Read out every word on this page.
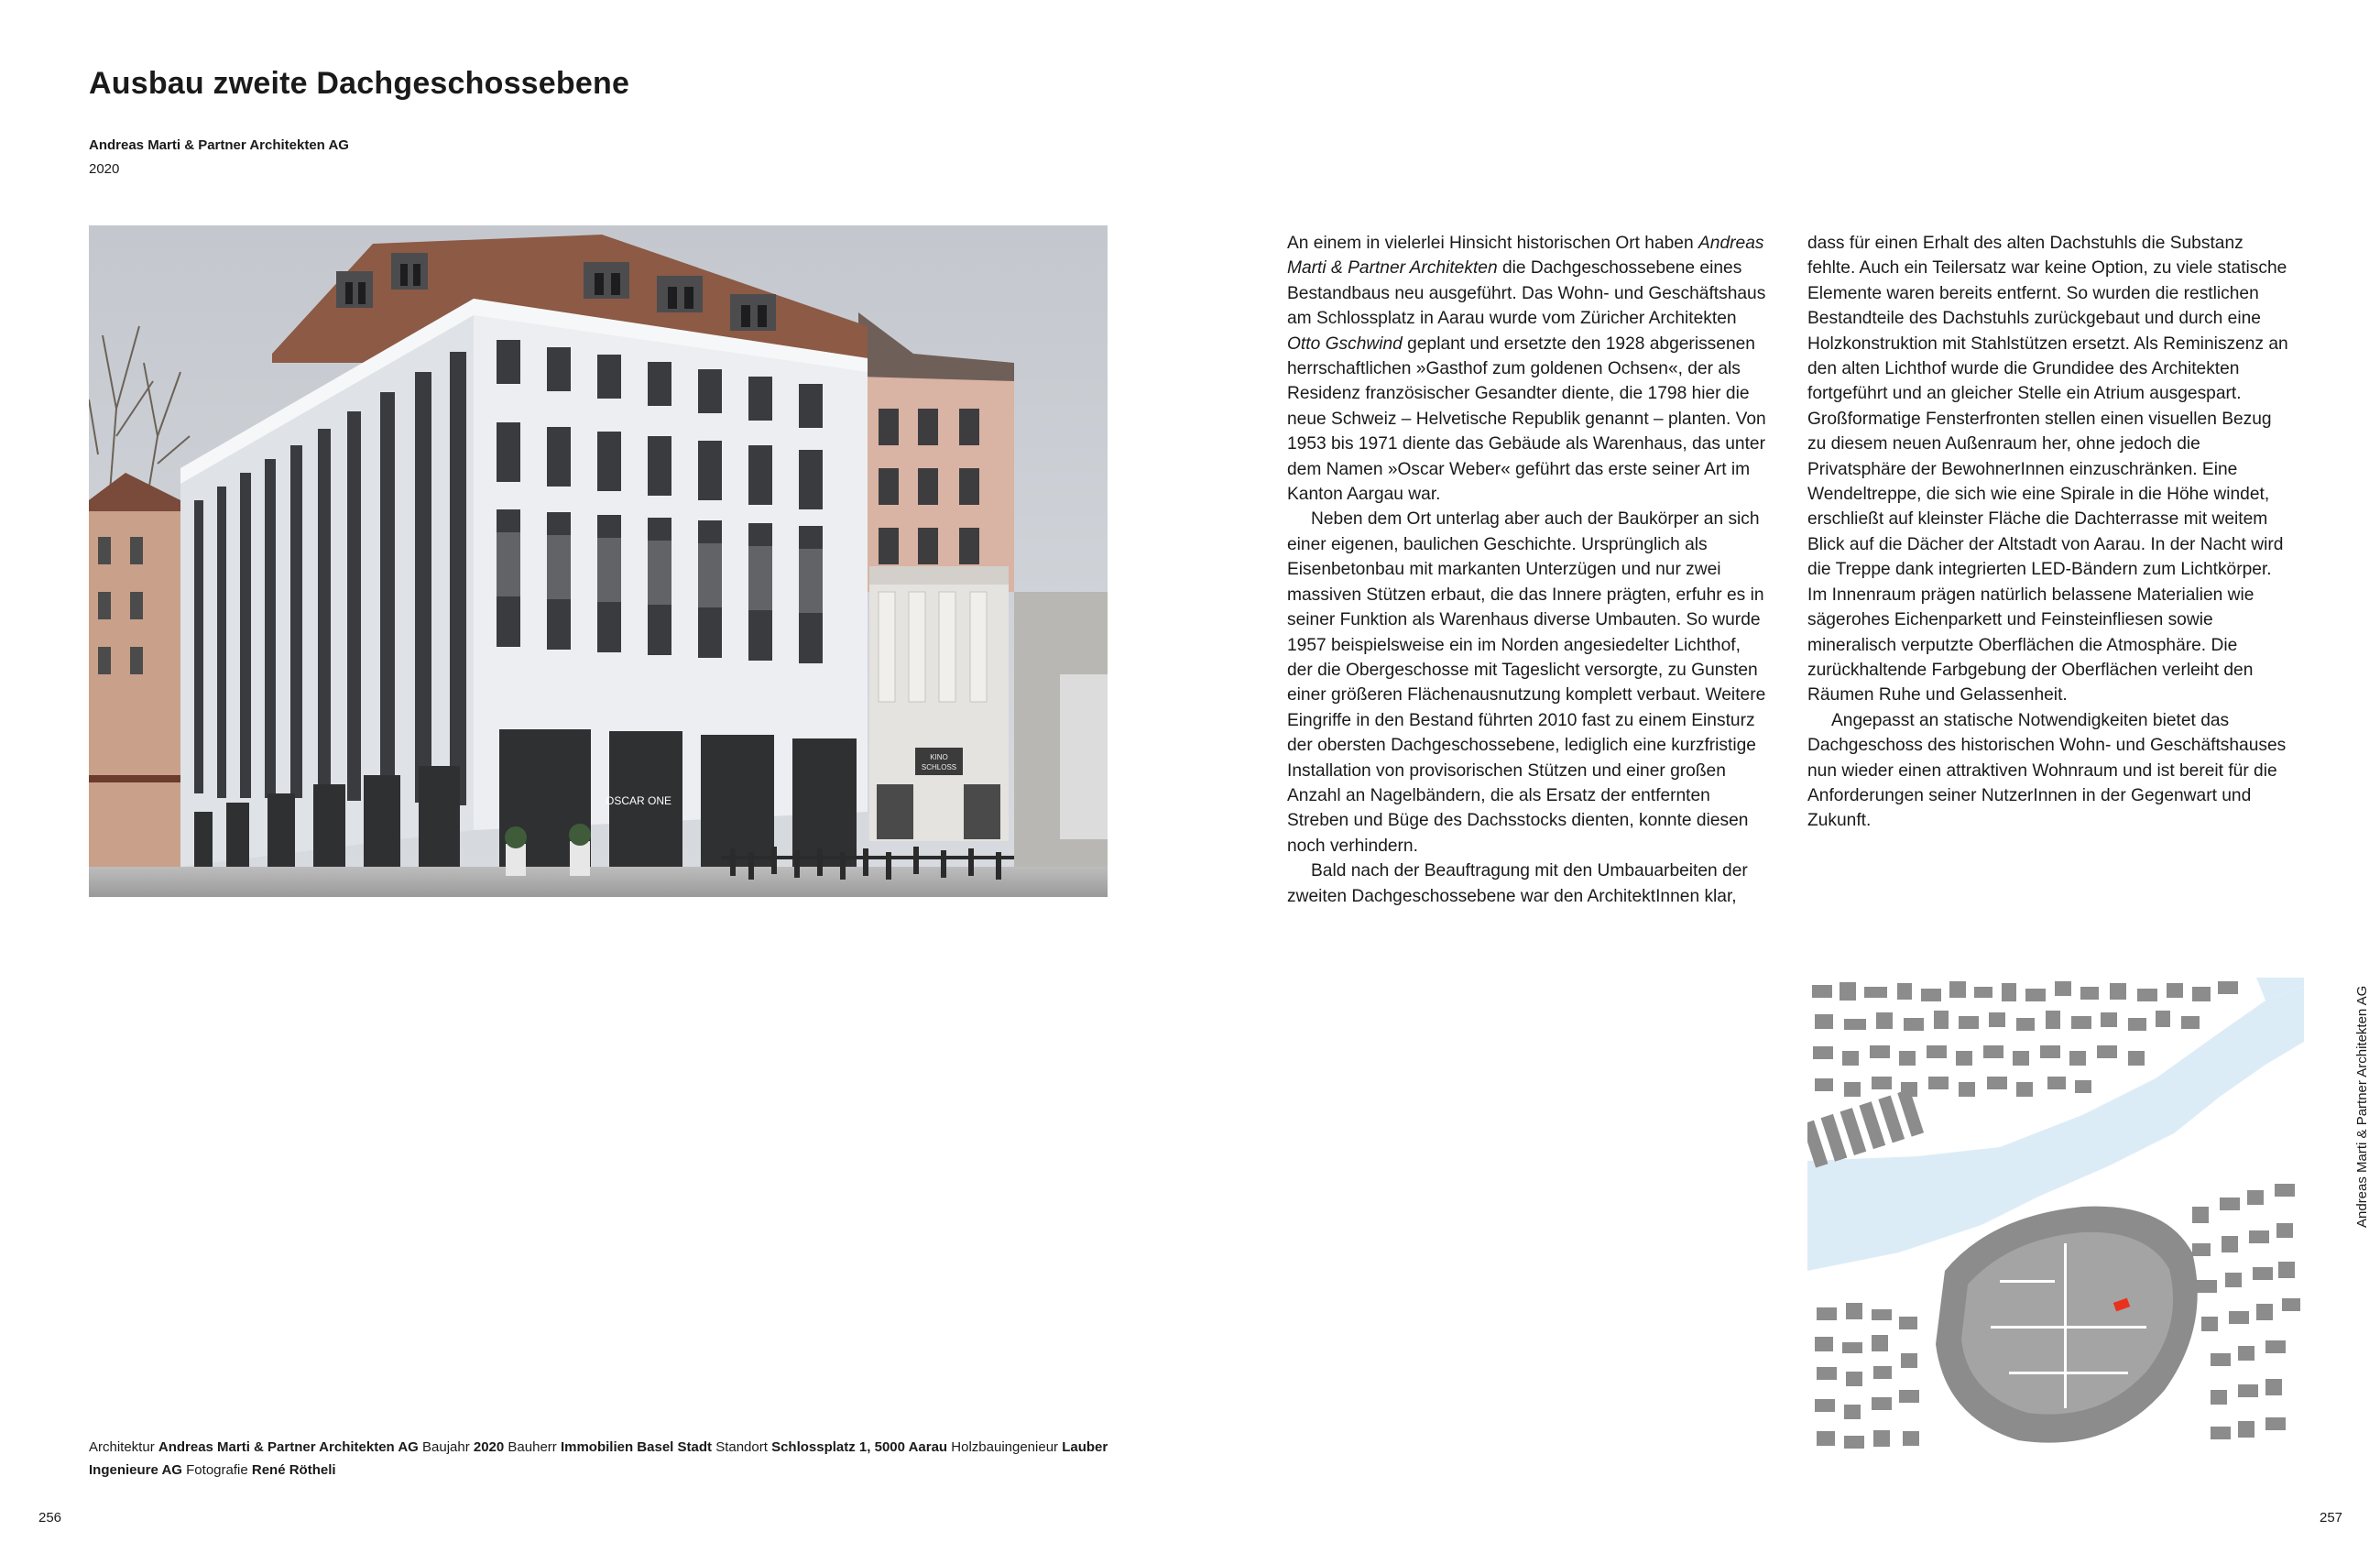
Ausbau zweite Dachgeschossebene
Andreas Marti & Partner Architekten AG
2020
KINO
SCHLOSS
OSCAR ONE

An einem in vielerlei Hinsicht historischen Ort haben Andreas Marti & Partner Architekten die Dachgeschossebene eines Bestandbaus neu ausgeführt. Das Wohn- und Geschäftshaus am Schlossplatz in Aarau wurde vom Züricher Architekten Otto Gschwind geplant und ersetzte den 1928 abgerissenen herrschaftlichen »Gasthof zum goldenen Ochsen«, der als Residenz französischer Gesandter diente, die 1798 hier die neue Schweiz – Helvetische Republik genannt – planten. Von 1953 bis 1971 diente das Gebäude als Warenhaus, das unter dem Namen »Oscar Weber« geführt das erste seiner Art im Kanton Aargau war.

Neben dem Ort unterlag aber auch der Baukörper an sich einer eigenen, baulichen Geschichte. Ursprünglich als Eisenbetonbau mit markanten Unterzügen und nur zwei massiven Stützen erbaut, die das Innere prägten, erfuhr es in seiner Funktion als Warenhaus diverse Umbauten. So wurde 1957 beispielsweise ein im Norden angesiedelter Lichthof, der die Obergeschosse mit Tageslicht versorgte, zu Gunsten einer größeren Flächenausnutzung komplett verbaut. Weitere Eingriffe in den Bestand führten 2010 fast zu einem Einsturz der obersten Dachgeschossebene, lediglich eine kurzfristige Installation von provisorischen Stützen und einer großen Anzahl an Nagelbändern, die als Ersatz der entfernten Streben und Büge des Dachsstocks dienten, konnte diesen noch verhindern.

Bald nach der Beauftragung mit den Umbauarbeiten der zweiten Dachgeschossebene war den ArchitektInnen klar,

dass für einen Erhalt des alten Dachstuhls die Substanz fehlte. Auch ein Teilersatz war keine Option, zu viele statische Elemente waren bereits entfernt. So wurden die restlichen Bestandteile des Dachstuhls zurückgebaut und durch eine Holzkonstruktion mit Stahlstützen ersetzt. Als Reminiszenz an den alten Lichthof wurde die Grundidee des Architekten fortgeführt und an gleicher Stelle ein Atrium ausgespart. Großformatige Fensterfronten stellen einen visuellen Bezug zu diesem neuen Außenraum her, ohne jedoch die Privatsphäre der BewohnerInnen einzuschränken. Eine Wendeltreppe, die sich wie eine Spirale in die Höhe windet, erschließt auf kleinster Fläche die Dachterrasse mit weitem Blick auf die Dächer der Altstadt von Aarau. In der Nacht wird die Treppe dank integrierten LED-Bändern zum Lichtkörper. Im Innenraum prägen natürlich belassene Materialien wie sägerohes Eichenparkett und Feinsteinfliesen sowie mineralisch verputzte Oberflächen die Atmosphäre. Die zurückhaltende Farbgebung der Oberflächen verleiht den Räumen Ruhe und Gelassenheit.

Angepasst an statische Notwendigkeiten bietet das Dachgeschoss des historischen Wohn- und Geschäftshauses nun wieder einen attraktiven Wohnraum und ist bereit für die Anforderungen seiner NutzerInnen in der Gegenwart und Zukunft.

Architektur Andreas Marti & Partner Architekten AG Baujahr 2020 Bauherr Immobilien Basel Stadt Standort Schlossplatz 1, 5000 Aarau Holzbauingenieur Lauber Ingenieure AG Fotografie René Rötheli
256	257
Andreas Marti & Partner Architekten AG
